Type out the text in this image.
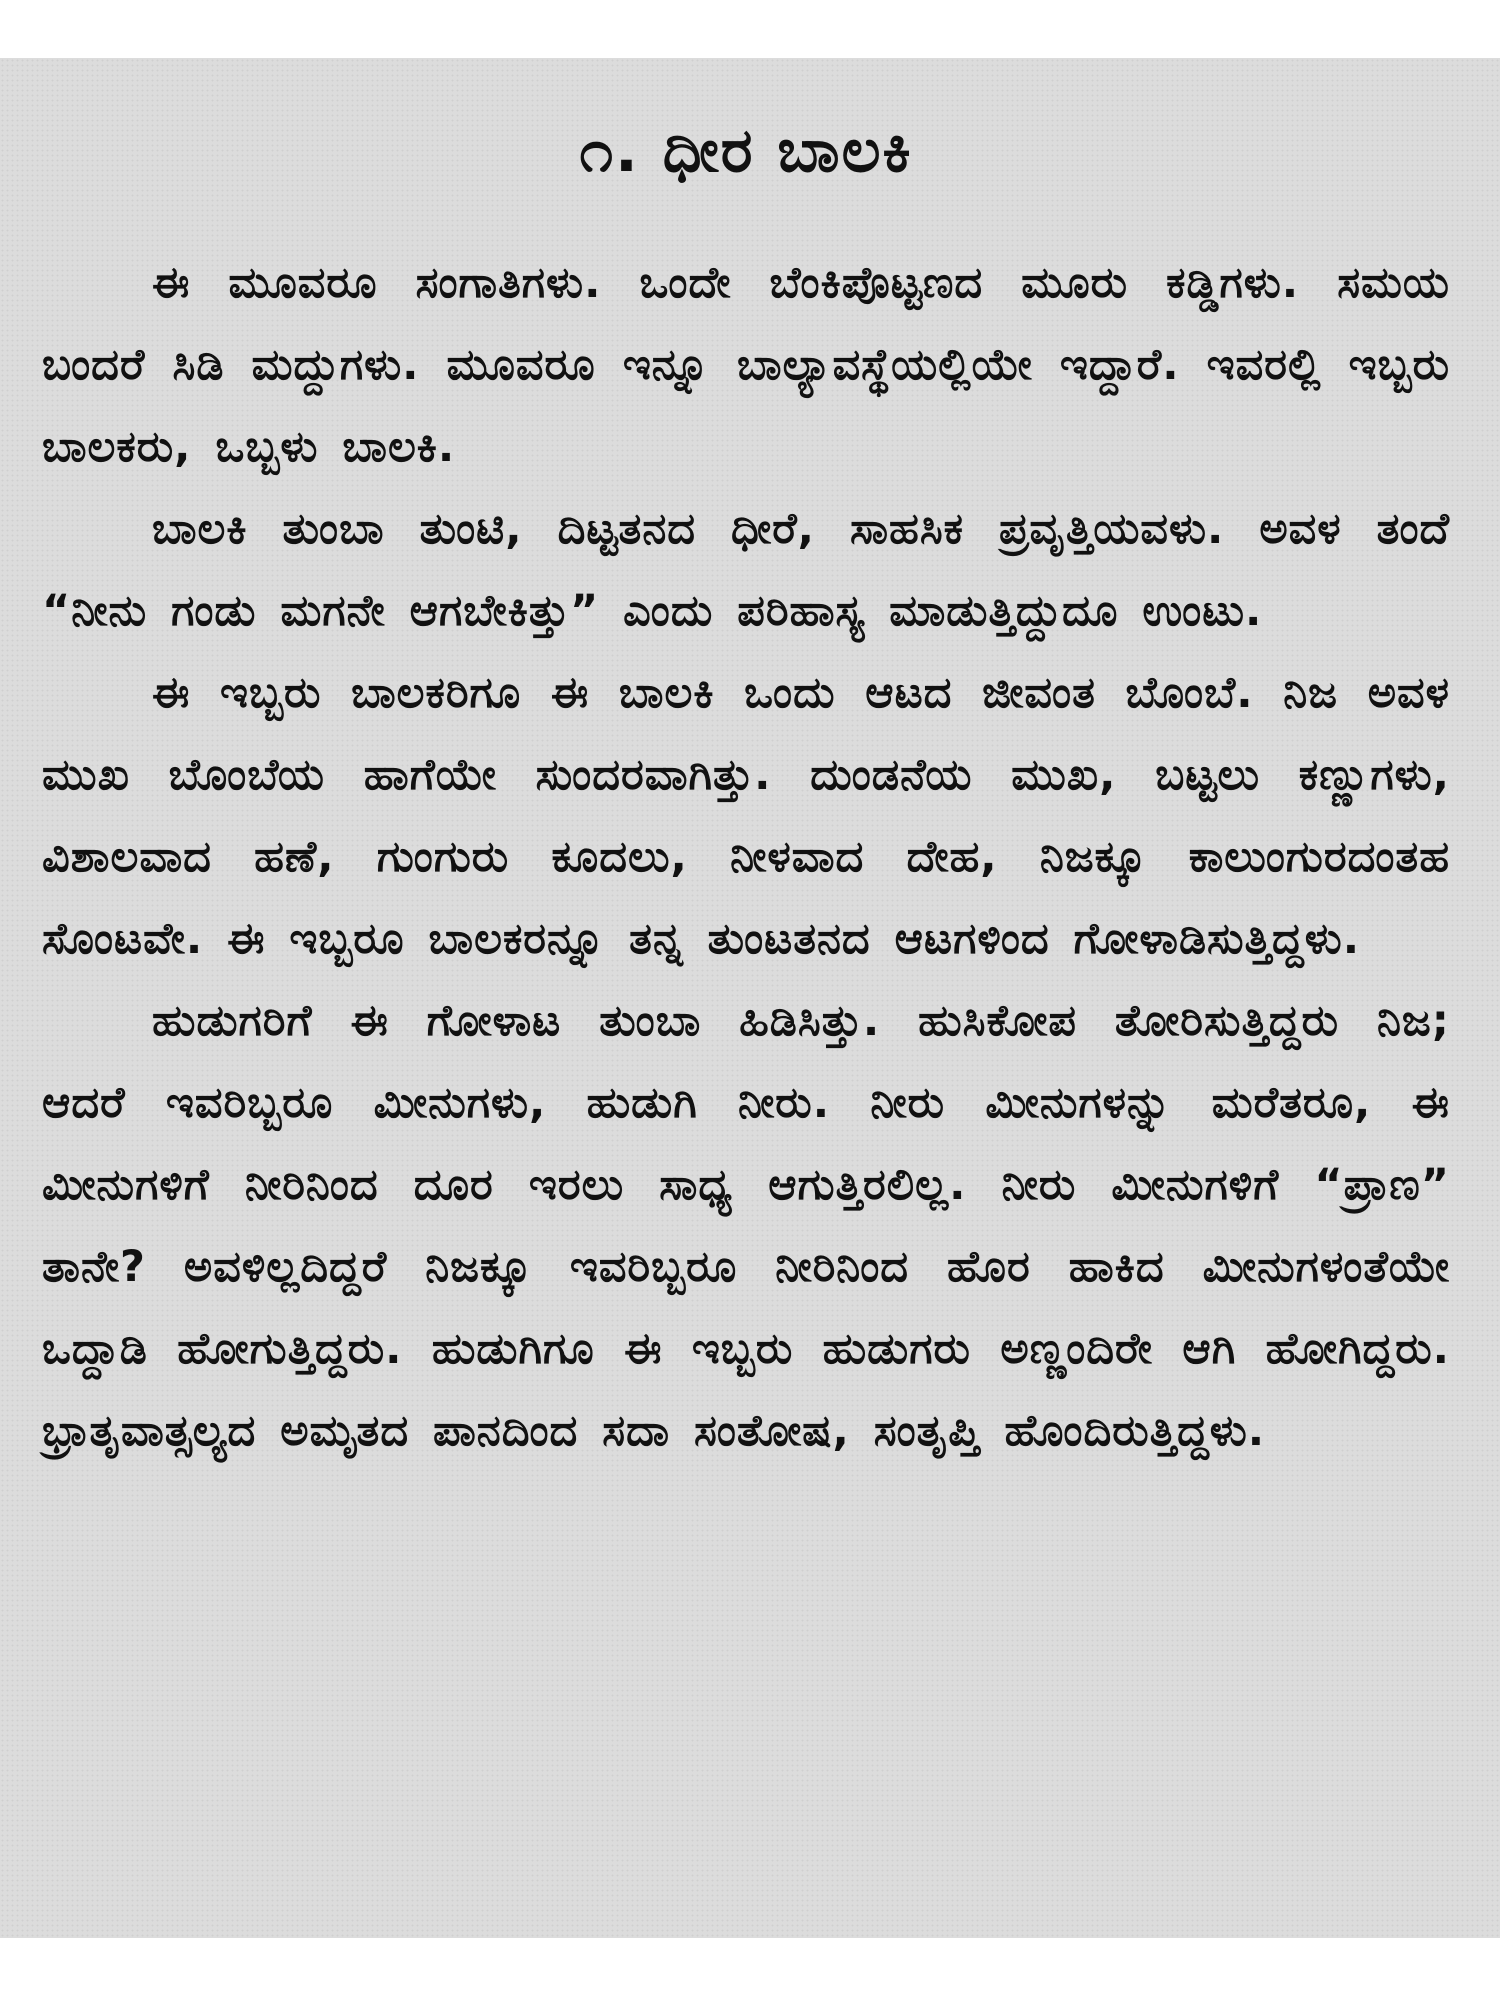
೧. ಧೀರ ಬಾಲಕಿ

ಈ ಮೂವರೂ ಸಂಗಾತಿಗಳು. ಒಂದೇ ಬೆಂಕಿಪೊಟ್ಟಣದ ಮೂರು ಕಡ್ಡಿಗಳು. ಸಮಯ ಬಂದರೆ ಸಿಡಿ ಮದ್ದುಗಳು. ಮೂವರೂ ಇನ್ನೂ ಬಾಲ್ಯಾವಸ್ಥೆಯಲ್ಲಿಯೇ ಇದ್ದಾರೆ. ಇವರಲ್ಲಿ ಇಬ್ಬರು ಬಾಲಕರು, ಒಬ್ಬಳು ಬಾಲಕಿ.

ಬಾಲಕಿ ತುಂಬಾ ತುಂಟಿ, ದಿಟ್ಟತನದ ಧೀರೆ, ಸಾಹಸಿಕ ಪ್ರವೃತ್ತಿಯವಳು. ಅವಳ ತಂದೆ “ನೀನು ಗಂಡು ಮಗನೇ ಆಗಬೇಕಿತ್ತು” ಎಂದು ಪರಿಹಾಸ್ಯ ಮಾಡುತ್ತಿದ್ದುದೂ ಉಂಟು.

ಈ ಇಬ್ಬರು ಬಾಲಕರಿಗೂ ಈ ಬಾಲಕಿ ಒಂದು ಆಟದ ಜೀವಂತ ಬೊಂಬೆ. ನಿಜ ಅವಳ ಮುಖ ಬೊಂಬೆಯ ಹಾಗೆಯೇ ಸುಂದರವಾಗಿತ್ತು. ದುಂಡನೆಯ ಮುಖ, ಬಟ್ಟಲು ಕಣ್ಣುಗಳು, ವಿಶಾಲವಾದ ಹಣೆ, ಗುಂಗುರು ಕೂದಲು, ನೀಳವಾದ ದೇಹ, ನಿಜಕ್ಕೂ ಕಾಲುಂಗುರದಂತಹ ಸೊಂಟವೇ. ಈ ಇಬ್ಬರೂ ಬಾಲಕರನ್ನೂ ತನ್ನ ತುಂಟತನದ ಆಟಗಳಿಂದ ಗೋಳಾಡಿಸುತ್ತಿದ್ದಳು.

ಹುಡುಗರಿಗೆ ಈ ಗೋಳಾಟ ತುಂಬಾ ಹಿಡಿಸಿತ್ತು. ಹುಸಿಕೋಪ ತೋರಿಸುತ್ತಿದ್ದರು ನಿಜ; ಆದರೆ ಇವರಿಬ್ಬರೂ ಮೀನುಗಳು, ಹುಡುಗಿ ನೀರು. ನೀರು ಮೀನುಗಳನ್ನು ಮರೆತರೂ, ಈ ಮೀನುಗಳಿಗೆ ನೀರಿನಿಂದ ದೂರ ಇರಲು ಸಾಧ್ಯ ಆಗುತ್ತಿರಲಿಲ್ಲ. ನೀರು ಮೀನುಗಳಿಗೆ “ಪ್ರಾಣ” ತಾನೇ? ಅವಳಿಲ್ಲದಿದ್ದರೆ ನಿಜಕ್ಕೂ ಇವರಿಬ್ಬರೂ ನೀರಿನಿಂದ ಹೊರ ಹಾಕಿದ ಮೀನುಗಳಂತೆಯೇ ಒದ್ದಾಡಿ ಹೋಗುತ್ತಿದ್ದರು. ಹುಡುಗಿಗೂ ಈ ಇಬ್ಬರು ಹುಡುಗರು ಅಣ್ಣಂದಿರೇ ಆಗಿ ಹೋಗಿದ್ದರು. ಭ್ರಾತೃವಾತ್ಸಲ್ಯದ ಅಮೃತದ ಪಾನದಿಂದ ಸದಾ ಸಂತೋಷ, ಸಂತೃಪ್ತಿ ಹೊಂದಿರುತ್ತಿದ್ದಳು.
